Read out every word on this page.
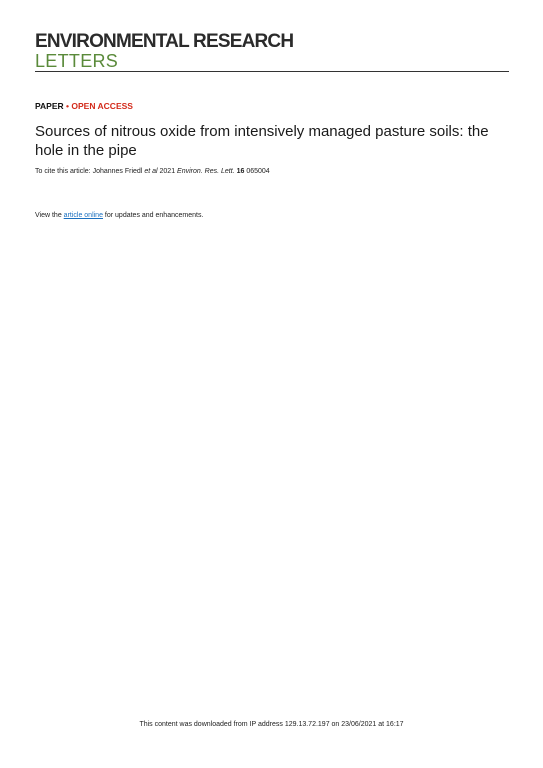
ENVIRONMENTAL RESEARCH
LETTERS
PAPER • OPEN ACCESS
Sources of nitrous oxide from intensively managed pasture soils: the hole in the pipe
To cite this article: Johannes Friedl et al 2021 Environ. Res. Lett. 16 065004
View the article online for updates and enhancements.
This content was downloaded from IP address 129.13.72.197 on 23/06/2021 at 16:17
